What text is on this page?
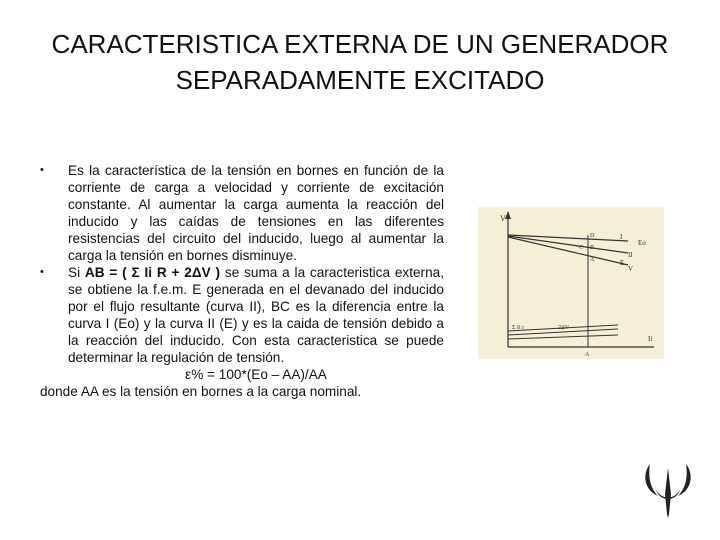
CARACTERISTICA EXTERNA DE UN GENERADOR
SEPARADAMENTE EXCITADO
• Es la característica de la tensión en bornes en función de la corriente de carga a velocidad y corriente de excitación constante. Al aumentar la carga aumenta la reacción del inducido y las caídas de tensiones en las diferentes resistencias del circuito del inducido, luego al aumentar la carga la tensión en bornes disminuye.
• Si AB = ( Σ Ii R + 2ΔV ) se suma a la caracteristica externa, se obtiene la f.e.m. E generada en el devanado del inducido por el flujo resultante (curva II), BC es la diferencia entre la curva I (Eo) y la curva II (E) y es la caida de tensión debido a la reacción del inducido. Con esta caracteristica se puede determinar la regulación de tensión.
ε% = 100*(Eo – AA)/AA
donde AA es la tensión en bornes a la carga nominal.
V
Ii
D
B
C
A
I
Eo
II
E
V
Σ Ii r	2ΔV
A
